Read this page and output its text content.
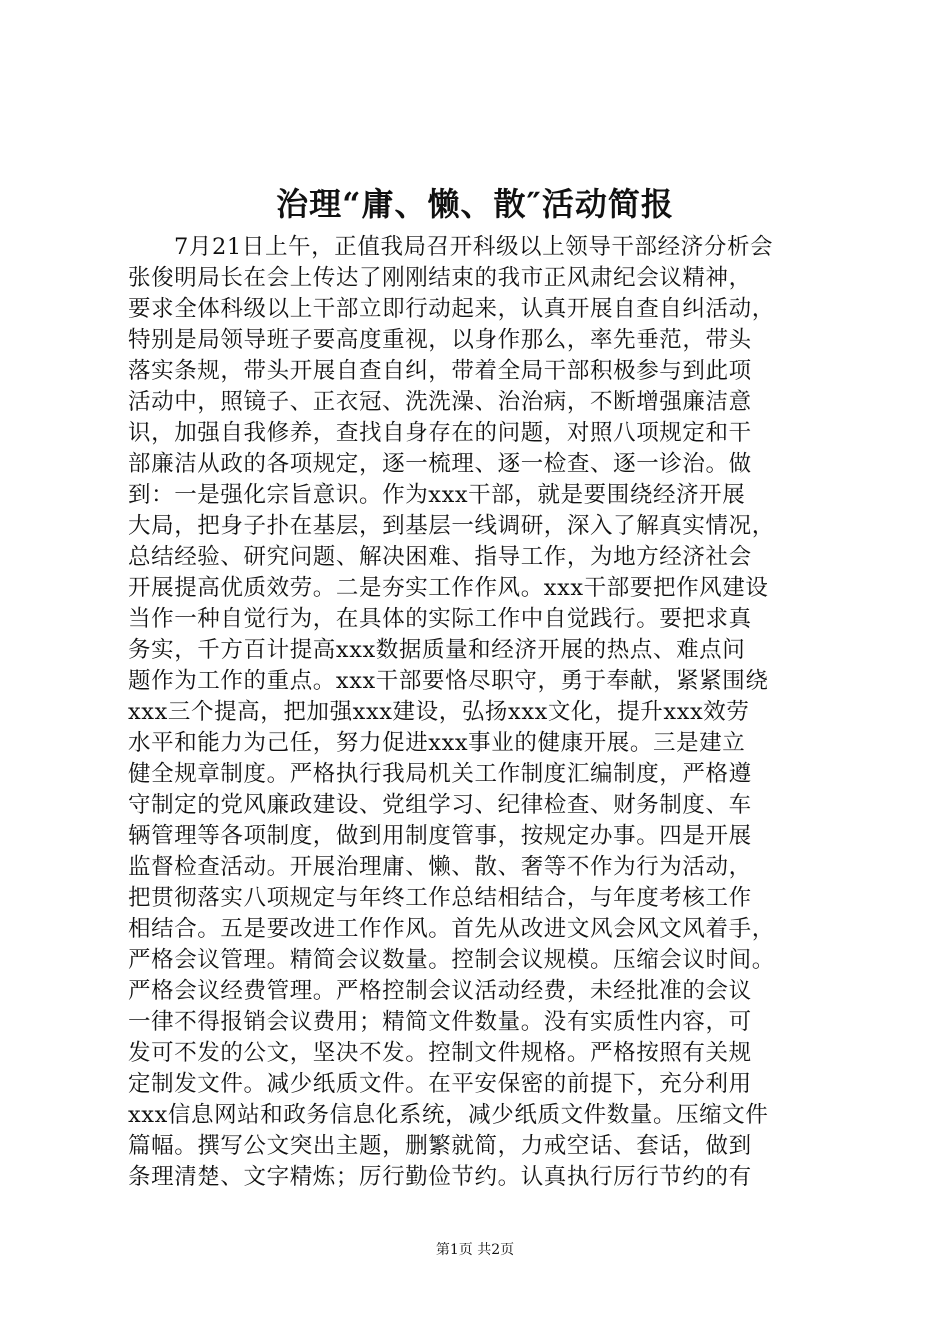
治理“庸、懒、散″活动简报
7月21日上午，正值我局召开科级以上领导干部经济分析会
张俊明局长在会上传达了刚刚结束的我市正风肃纪会议精神，
要求全体科级以上干部立即行动起来，认真开展自查自纠活动，
特别是局领导班子要高度重视，以身作那么，率先垂范，带头
落实条规，带头开展自查自纠，带着全局干部积极参与到此项
活动中，照镜子、正衣冠、洗洗澡、治治病，不断增强廉洁意
识，加强自我修养，查找自身存在的问题，对照八项规定和干
部廉洁从政的各项规定，逐一梳理、逐一检查、逐一诊治。做
到：一是强化宗旨意识。作为xxx干部，就是要围绕经济开展
大局，把身子扑在基层，到基层一线调研，深入了解真实情况，
总结经验、研究问题、解决困难、指导工作，为地方经济社会
开展提高优质效劳。二是夯实工作作风。xxx干部要把作风建设
当作一种自觉行为，在具体的实际工作中自觉践行。要把求真
务实，千方百计提高xxx数据质量和经济开展的热点、难点问
题作为工作的重点。xxx干部要恪尽职守，勇于奉献，紧紧围绕
xxx三个提高，把加强xxx建设，弘扬xxx文化，提升xxx效劳
水平和能力为己任，努力促进xxx事业的健康开展。三是建立
健全规章制度。严格执行我局机关工作制度汇编制度，严格遵
守制定的党风廉政建设、党组学习、纪律检查、财务制度、车
辆管理等各项制度，做到用制度管事，按规定办事。四是开展
监督检查活动。开展治理庸、懒、散、奢等不作为行为活动，
把贯彻落实八项规定与年终工作总结相结合，与年度考核工作
相结合。五是要改进工作作风。首先从改进文风会风文风着手，
严格会议管理。精简会议数量。控制会议规模。压缩会议时间。
严格会议经费管理。严格控制会议活动经费，未经批准的会议
一律不得报销会议费用；精简文件数量。没有实质性内容，可
发可不发的公文，坚决不发。控制文件规格。严格按照有关规
定制发文件。减少纸质文件。在平安保密的前提下，充分利用
xxx信息网站和政务信息化系统，减少纸质文件数量。压缩文件
篇幅。撰写公文突出主题，删繁就简，力戒空话、套话，做到
条理清楚、文字精炼；厉行勤俭节约。认真执行厉行节约的有
第1页 共2页
